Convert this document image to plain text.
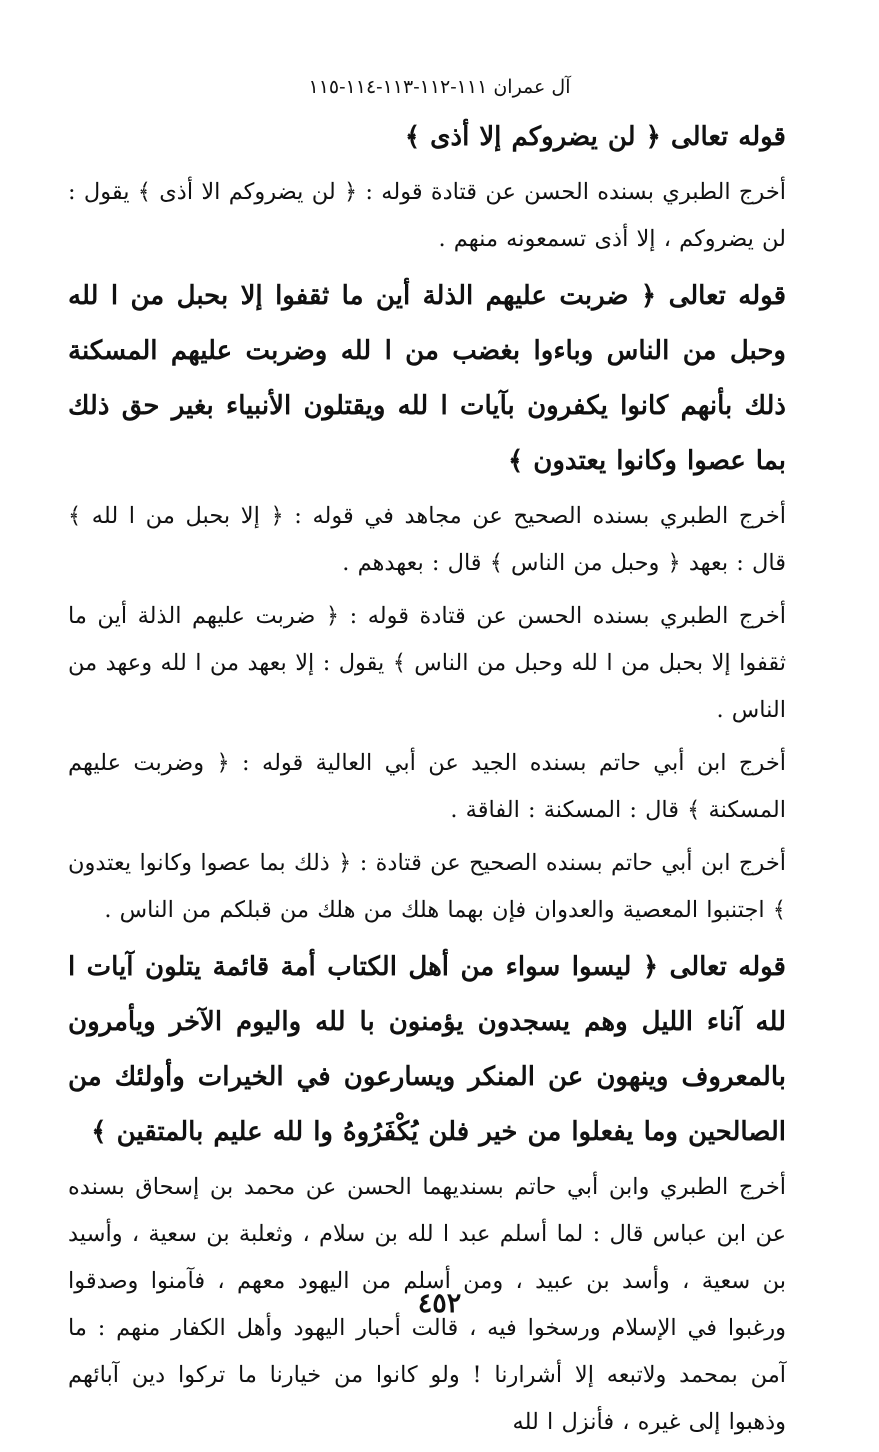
آل عمران ١١١-١١٢-١١٣-١١٤-١١٥

قوله تعالى ﴿ لن يضروكم إلا أذى ﴾

أخرج الطبري بسنده الحسن عن قتادة قوله : ﴿ لن يضروكم الا أذى ﴾ يقول : لن يضروكم ، إلا أذى تسمعونه منهم .

قوله تعالى ﴿ ضربت عليهم الذلة أين ما ثقفوا إلا بحبل من ا لله وحبل من الناس وباءوا بغضب من ا لله وضربت عليهم المسكنة ذلك بأنهم كانوا يكفرون بآيات ا لله ويقتلون الأنبياء بغير حق ذلك بما عصوا وكانوا يعتدون ﴾

أخرج الطبري بسنده الصحيح عن مجاهد في قوله : ﴿ إلا بحبل من ا لله ﴾ قال : بعهد ﴿ وحبل من الناس ﴾ قال : بعهدهم .

أخرج الطبري بسنده الحسن عن قتادة قوله : ﴿ ضربت عليهم الذلة أين ما ثقفوا إلا بحبل من ا لله وحبل من الناس ﴾ يقول : إلا بعهد من ا لله وعهد من الناس .

أخرج ابن أبي حاتم بسنده الجيد عن أبي العالية قوله : ﴿ وضربت عليهم المسكنة ﴾ قال : المسكنة : الفاقة .

أخرج ابن أبي حاتم بسنده الصحيح عن قتادة : ﴿ ذلك بما عصوا وكانوا يعتدون ﴾ اجتنبوا المعصية والعدوان فإن بهما هلك من هلك من قبلكم من الناس .

قوله تعالى ﴿ ليسوا سواء من أهل الكتاب أمة قائمة يتلون آيات ا لله آناء الليل وهم يسجدون يؤمنون با لله واليوم الآخر ويأمرون بالمعروف وينهون عن المنكر ويسارعون في الخيرات وأولئك من الصالحين وما يفعلوا من خير فلن يُكْفَرُوهُ وا لله عليم بالمتقين ﴾

أخرج الطبري وابن أبي حاتم بسنديهما الحسن عن محمد بن إسحاق بسنده عن ابن عباس قال : لما أسلم عبد ا لله بن سلام ، وثعلبة بن سعية ، وأسيد بن سعية ، وأسد بن عبيد ، ومن أسلم من اليهود معهم ، فآمنوا وصدقوا ورغبوا في الإسلام ورسخوا فيه ، قالت أحبار اليهود وأهل الكفار منهم : ما آمن بمحمد ولاتبعه إلا أشرارنا ! ولو كانوا من خيارنا ما تركوا دين آبائهم وذهبوا إلى غيره ، فأنزل ا لله

٤٥٢
